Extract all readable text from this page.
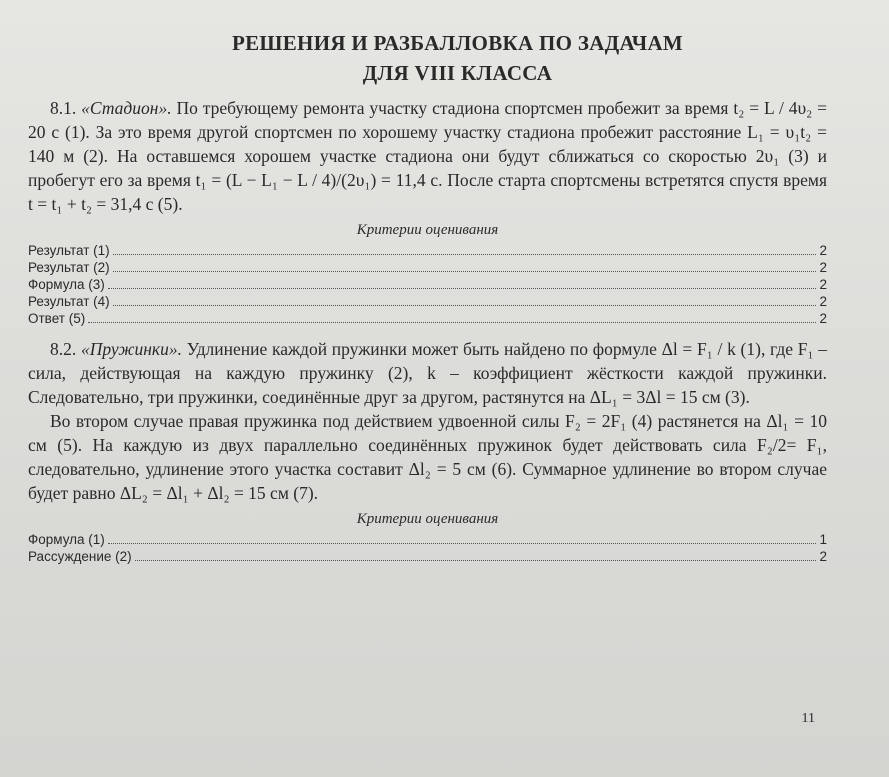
РЕШЕНИЯ И РАЗБАЛЛОВКА ПО ЗАДАЧАМ
ДЛЯ VIII КЛАССА

8.1. «Стадион». По требующему ремонта участку стадиона спортсмен пробежит за время t₂ = L / 4υ₂ = 20 с (1). За это время другой спортсмен по хорошему участку стадиона пробежит расстояние L₁ = υ₁t₂ = 140 м (2). На оставшемся хорошем участке стадиона они будут сближаться со скоростью 2υ₁ (3) и пробегут его за время t₁ = (L − L₁ − L / 4)/(2υ₁) = 11,4 с. После старта спортсмены встретятся спустя время t = t₁ + t₂ = 31,4 с (5).

Критерии оценивания
Результат (1)	2
Результат (2)	2
Формула (3)	2
Результат (4)	2
Ответ (5)	2

8.2. «Пружинки». Удлинение каждой пружинки может быть найдено по формуле Δl = F₁ / k (1), где F₁ – сила, действующая на каждую пружинку (2), k – коэффициент жёсткости каждой пружинки. Следовательно, три пружинки, соединённые друг за другом, растянутся на ΔL₁ = 3Δl = 15 см (3).

Во втором случае правая пружинка под действием удвоенной силы F₂ = 2F₁ (4) растянется на Δl₁ = 10 см (5). На каждую из двух параллельно соединённых пружинок будет действовать сила F₂/2= F₁, следовательно, удлинение этого участка составит Δl₂ = 5 см (6). Суммарное удлинение во втором случае будет равно ΔL₂ = Δl₁ + Δl₂ = 15 см (7).

Критерии оценивания
Формула (1)	1
Рассуждение (2)	2
11
